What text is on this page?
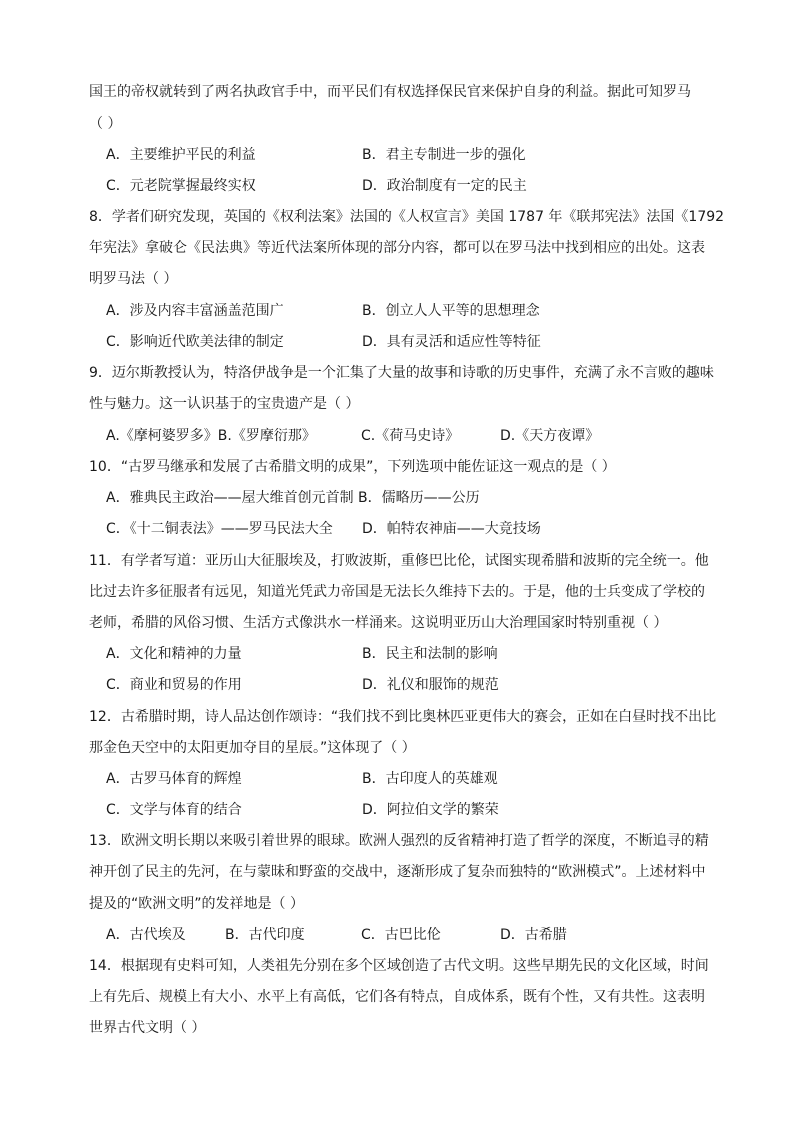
国王的帝权就转到了两名执政官手中，而平民们有权选择保民官来保护自身的利益。据此可知罗马
（ ）
A．主要维护平民的利益	B．君主专制进一步的强化
C．元老院掌握最终实权	D．政治制度有一定的民主
8．学者们研究发现，英国的《权利法案》法国的《人权宣言》美国 1787 年《联邦宪法》法国《1792
年宪法》拿破仑《民法典》等近代法案所体现的部分内容，都可以在罗马法中找到相应的出处。这表
明罗马法（ ）
A．涉及内容丰富涵盖范围广	B．创立人人平等的思想理念
C．影响近代欧美法律的制定	D．具有灵活和适应性等特征
9．迈尔斯教授认为，特洛伊战争是一个汇集了大量的故事和诗歌的历史事件，充满了永不言败的趣味
性与魅力。这一认识基于的宝贵遗产是（ ）
A.《摩柯婆罗多》B.《罗摩衍那》	C.《荷马史诗》	D.《天方夜谭》
10．“古罗马继承和发展了古希腊文明的成果”，下列选项中能佐证这一观点的是（ ）
A．雅典民主政治——屋大维首创元首制 B．儒略历——公历
C．《十二铜表法》——罗马民法大全 D．帕特农神庙——大竞技场
11．有学者写道：亚历山大征服埃及，打败波斯，重修巴比伦，试图实现希腊和波斯的完全统一。他
比过去许多征服者有远见，知道光凭武力帝国是无法长久维持下去的。于是，他的士兵变成了学校的
老师，希腊的风俗习惯、生活方式像洪水一样涌来。这说明亚历山大治理国家时特别重视（ ）
A．文化和精神的力量	B．民主和法制的影响
C．商业和贸易的作用	D．礼仪和服饰的规范
12．古希腊时期，诗人品达创作颂诗：“我们找不到比奥林匹亚更伟大的赛会，正如在白昼时找不出比
那金色天空中的太阳更加夺目的星辰。”这体现了（ ）
A．古罗马体育的辉煌	B．古印度人的英雄观
C．文学与体育的结合	D．阿拉伯文学的繁荣
13．欧洲文明长期以来吸引着世界的眼球。欧洲人强烈的反省精神打造了哲学的深度，不断追寻的精
神开创了民主的先河，在与蒙昧和野蛮的交战中，逐渐形成了复杂而独特的“欧洲模式”。上述材料中
提及的“欧洲文明”的发祥地是（ ）
A．古代埃及	B．古代印度	C．古巴比伦	D．古希腊
14．根据现有史料可知，人类祖先分别在多个区域创造了古代文明。这些早期先民的文化区域，时间
上有先后、规模上有大小、水平上有高低，它们各有特点，自成体系，既有个性，又有共性。这表明
世界古代文明（ ）
